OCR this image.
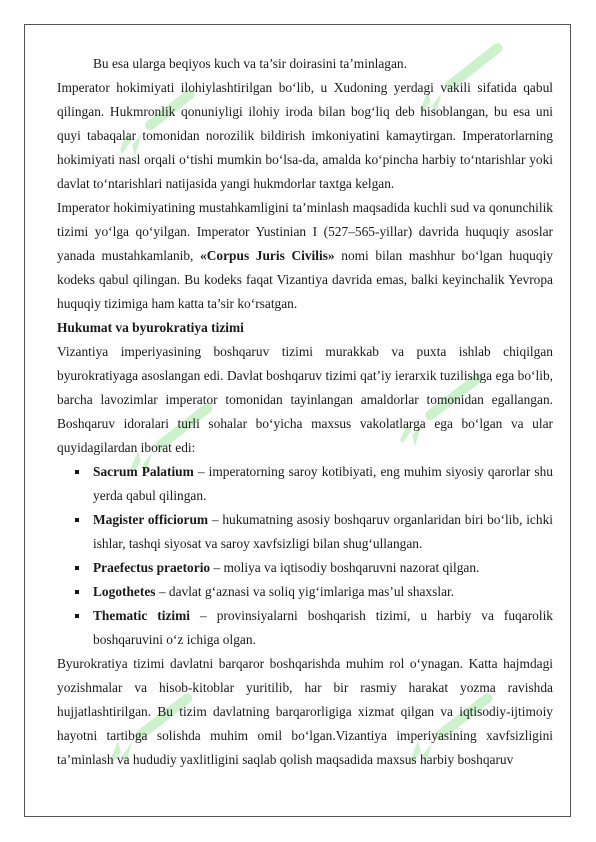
Bu esa ularga beqiyos kuch va ta’sir doirasini ta’minlagan.

Imperator hokimiyati ilohiylashtirilgan bo‘lib, u Xudoning yerdagi vakili sifatida qabul qilingan. Hukmronlik qonuniyligi ilohiy iroda bilan bog‘liq deb hisoblangan, bu esa uni quyi tabaqalar tomonidan norozilik bildirish imkoniyatini kamaytirgan. Imperatorlarning hokimiyati nasl orqali o‘tishi mumkin bo‘lsa-da, amalda ko‘pincha harbiy to‘ntarishlar yoki davlat to‘ntarishlari natijasida yangi hukmdorlar taxtga kelgan.

Imperator hokimiyatining mustahkamligini ta’minlash maqsadida kuchli sud va qonunchilik tizimi yo‘lga qo‘yilgan. Imperator Yustinian I (527–565-yillar) davrida huquqiy asoslar yanada mustahkamlanib, «Corpus Juris Civilis» nomi bilan mashhur bo‘lgan huquqiy kodeks qabul qilingan. Bu kodeks faqat Vizantiya davrida emas, balki keyinchalik Yevropa huquqiy tizimiga ham katta ta’sir ko‘rsatgan.

Hukumat va byurokratiya tizimi

Vizantiya imperiyasining boshqaruv tizimi murakkab va puxta ishlab chiqilgan byurokratiyaga asoslangan edi. Davlat boshqaruv tizimi qat’iy ierarxik tuzilishga ega bo‘lib, barcha lavozimlar imperator tomonidan tayinlangan amaldorlar tomonidan egallangan. Boshqaruv idoralari turli sohalar bo‘yicha maxsus vakolatlarga ega bo‘lgan va ular quyidagilardan iborat edi:

Sacrum Palatium – imperatorning saroy kotibiyati, eng muhim siyosiy qarorlar shu yerda qabul qilingan.
Magister officiorum – hukumatning asosiy boshqaruv organlaridan biri bo‘lib, ichki ishlar, tashqi siyosat va saroy xavfsizligi bilan shug‘ullangan.
Praefectus praetorio – moliya va iqtisodiy boshqaruvni nazorat qilgan.
Logothetes – davlat g‘aznasi va soliq yig‘imlariga mas’ul shaxslar.
Thematic tizimi – provinsiyalarni boshqarish tizimi, u harbiy va fuqarolik boshqaruvini o‘z ichiga olgan.

Byurokratiya tizimi davlatni barqaror boshqarishda muhim rol o‘ynagan. Katta hajmdagi yozishmalar va hisob-kitoblar yuritilib, har bir rasmiy harakat yozma ravishda hujjatlashtirilgan. Bu tizim davlatning barqarorligiga xizmat qilgan va iqtisodiy-ijtimoiy hayotni tartibga solishda muhim omil bo‘lgan.Vizantiya imperiyasining xavfsizligini ta’minlash va hududiy yaxlitligini saqlab qolish maqsadida maxsus harbiy boshqaruv
